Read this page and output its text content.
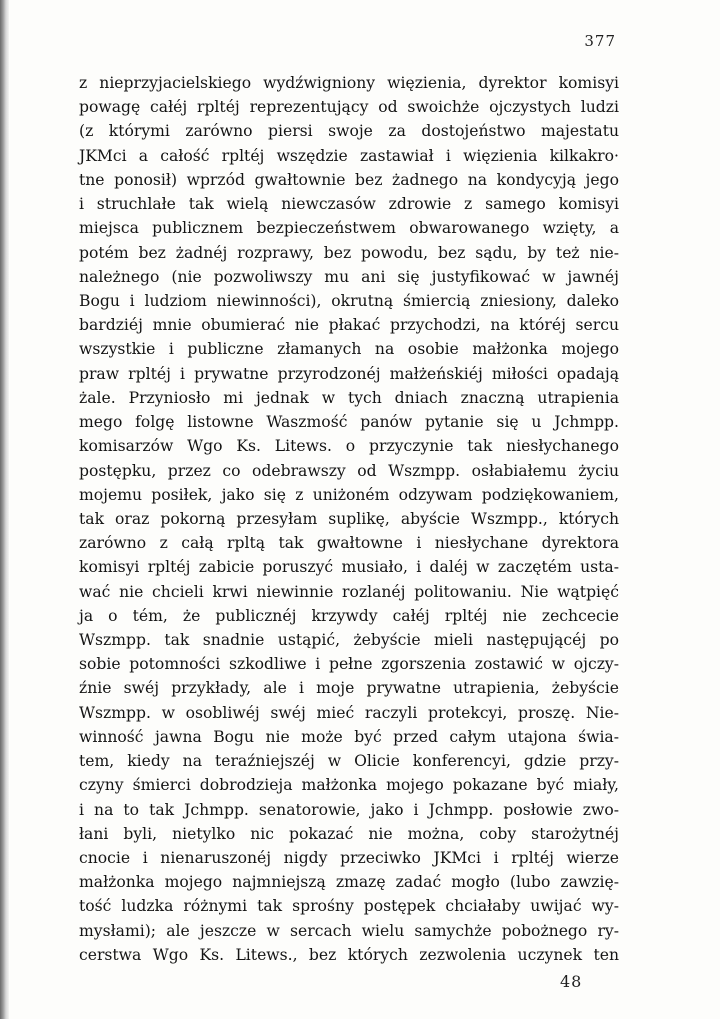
377
z nieprzyjacielskiego wydźwigniony więzienia, dyrektor komisyi
powagę całéj rpltéj reprezentujący od swoichże ojczystych ludzi
(z którymi zarówno piersi swoje za dostojeństwo majestatu
JKMci a całość rpltéj wszędzie zastawiał i więzienia kilkakro·
tne ponosił) wprzód gwałtownie bez żadnego na kondycyją jego
i struchlałe tak wielą niewczasów zdrowie z samego komisyi
miejsca publicznem bezpieczeństwem obwarowanego wzięty, a
potém bez żadnéj rozprawy, bez powodu, bez sądu, by też nie-
należnego (nie pozwoliwszy mu ani się justyfikować w jawnéj
Bogu i ludziom niewinności), okrutną śmiercią zniesiony, daleko
bardziéj mnie obumierać nie płakać przychodzi, na któréj sercu
wszystkie i publiczne złamanych na osobie małżonka mojego
praw rpltéj i prywatne przyrodzonéj małżeńskiéj miłości opadają
żale. Przyniosło mi jednak w tych dniach znaczną utrapienia
mego folgę listowne Waszmość panów pytanie się u Jchmpp.
komisarzów Wgo Ks. Litews. o przyczynie tak niesłychanego
postępku, przez co odebrawszy od Wszmpp. osłabiałemu życiu
mojemu posiłek, jako się z uniżoném odzywam podziękowaniem,
tak oraz pokorną przesyłam suplikę, abyście Wszmpp., których
zarówno z całą rpltą tak gwałtowne i niesłychane dyrektora
komisyi rpltéj zabicie poruszyć musiało, i daléj w zaczętém usta-
wać nie chcieli krwi niewinnie rozlanéj politowaniu. Nie wątpięć
ja o tém, że publicznéj krzywdy całéj rpltéj nie zechcecie
Wszmpp. tak snadnie ustąpić, żebyście mieli następującéj po
sobie potomności szkodliwe i pełne zgorszenia zostawić w ojczy-
źnie swéj przykłady, ale i moje prywatne utrapienia, żebyście
Wszmpp. w osobliwéj swéj mieć raczyli protekcyi, proszę. Nie-
winność jawna Bogu nie może być przed całym utajona świa-
tem, kiedy na teraźniejszéj w Olicie konferencyi, gdzie przy-
czyny śmierci dobrodzieja małżonka mojego pokazane być miały,
i na to tak Jchmpp. senatorowie, jako i Jchmpp. posłowie zwo-
łani byli, nietylko nic pokazać nie można, coby starożytnéj
cnocie i nienaruszonéj nigdy przeciwko JKMci i rpltéj wierze
małżonka mojego najmniejszą zmazę zadać mogło (lubo zawzię-
tość ludzka różnymi tak sprośny postępek chciałaby uwijać wy-
mysłami); ale jeszcze w sercach wielu samychże pobożnego ry-
cerstwa Wgo Ks. Litews., bez których zezwolenia uczynek ten
48
